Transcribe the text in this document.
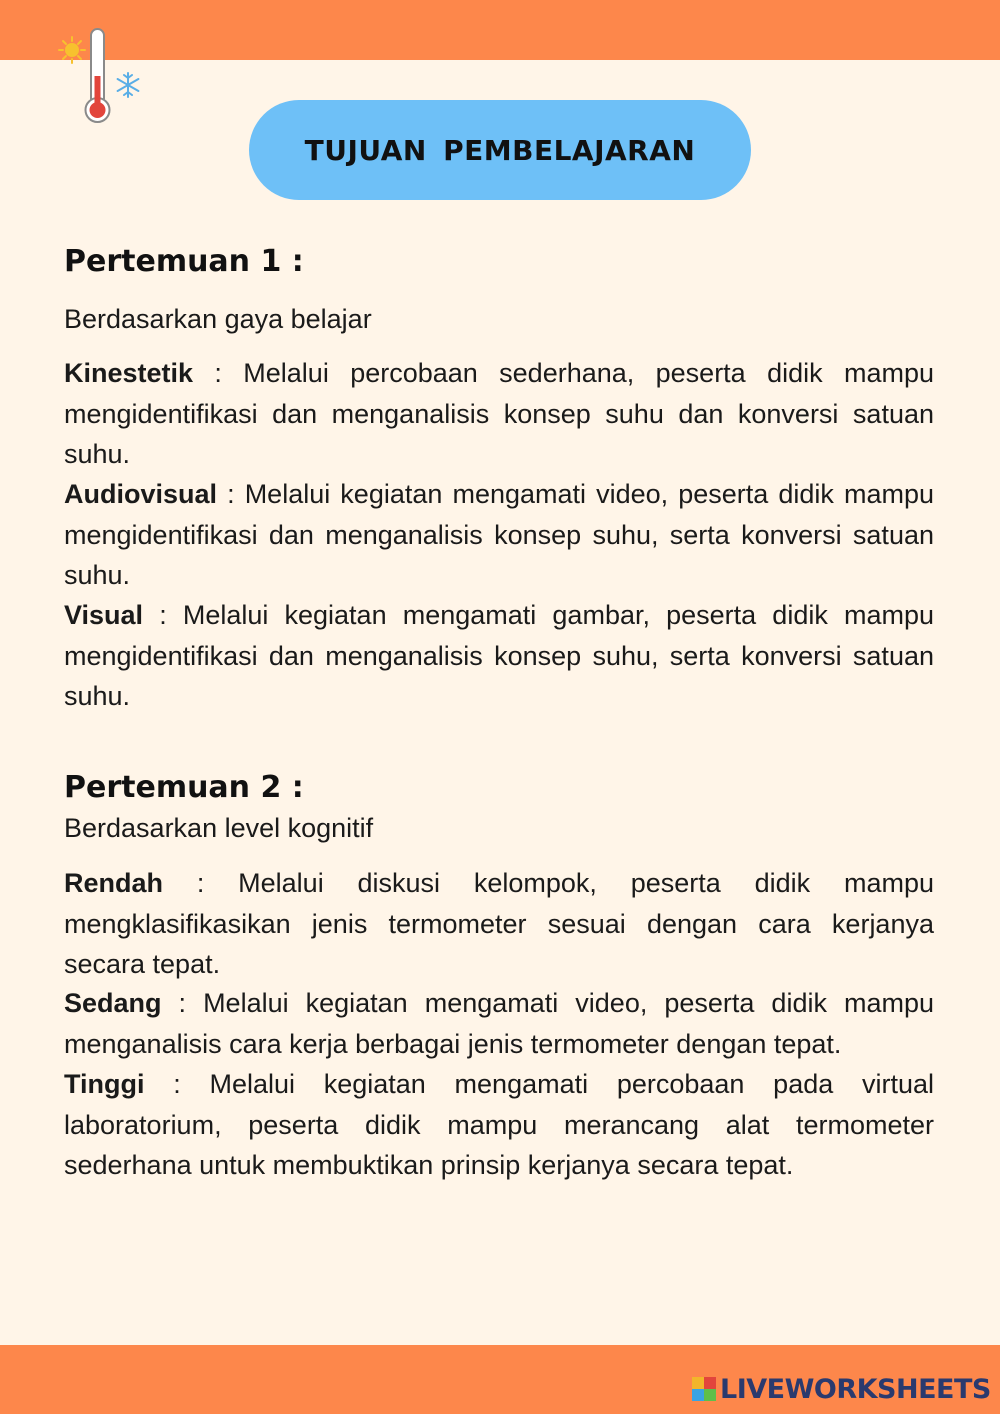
TUJUAN PEMBELAJARAN
Pertemuan 1 :
Berdasarkan gaya belajar
Kinestetik : Melalui percobaan sederhana, peserta didik mampu mengidentifikasi dan menganalisis konsep suhu dan konversi satuan suhu.
Audiovisual : Melalui kegiatan mengamati video, peserta didik mampu mengidentifikasi dan menganalisis konsep suhu, serta konversi satuan suhu.
Visual : Melalui kegiatan mengamati gambar, peserta didik mampu mengidentifikasi dan menganalisis konsep suhu, serta konversi satuan suhu.
Pertemuan 2 :
Berdasarkan level kognitif
Rendah : Melalui diskusi kelompok, peserta didik mampu mengklasifikasikan jenis termometer sesuai dengan cara kerjanya secara tepat.
Sedang : Melalui kegiatan mengamati video, peserta didik mampu menganalisis cara kerja berbagai jenis termometer dengan tepat.
Tinggi : Melalui kegiatan mengamati percobaan pada virtual laboratorium, peserta didik mampu merancang alat termometer sederhana untuk membuktikan prinsip kerjanya secara tepat.
LIVEWORKSHEETS
